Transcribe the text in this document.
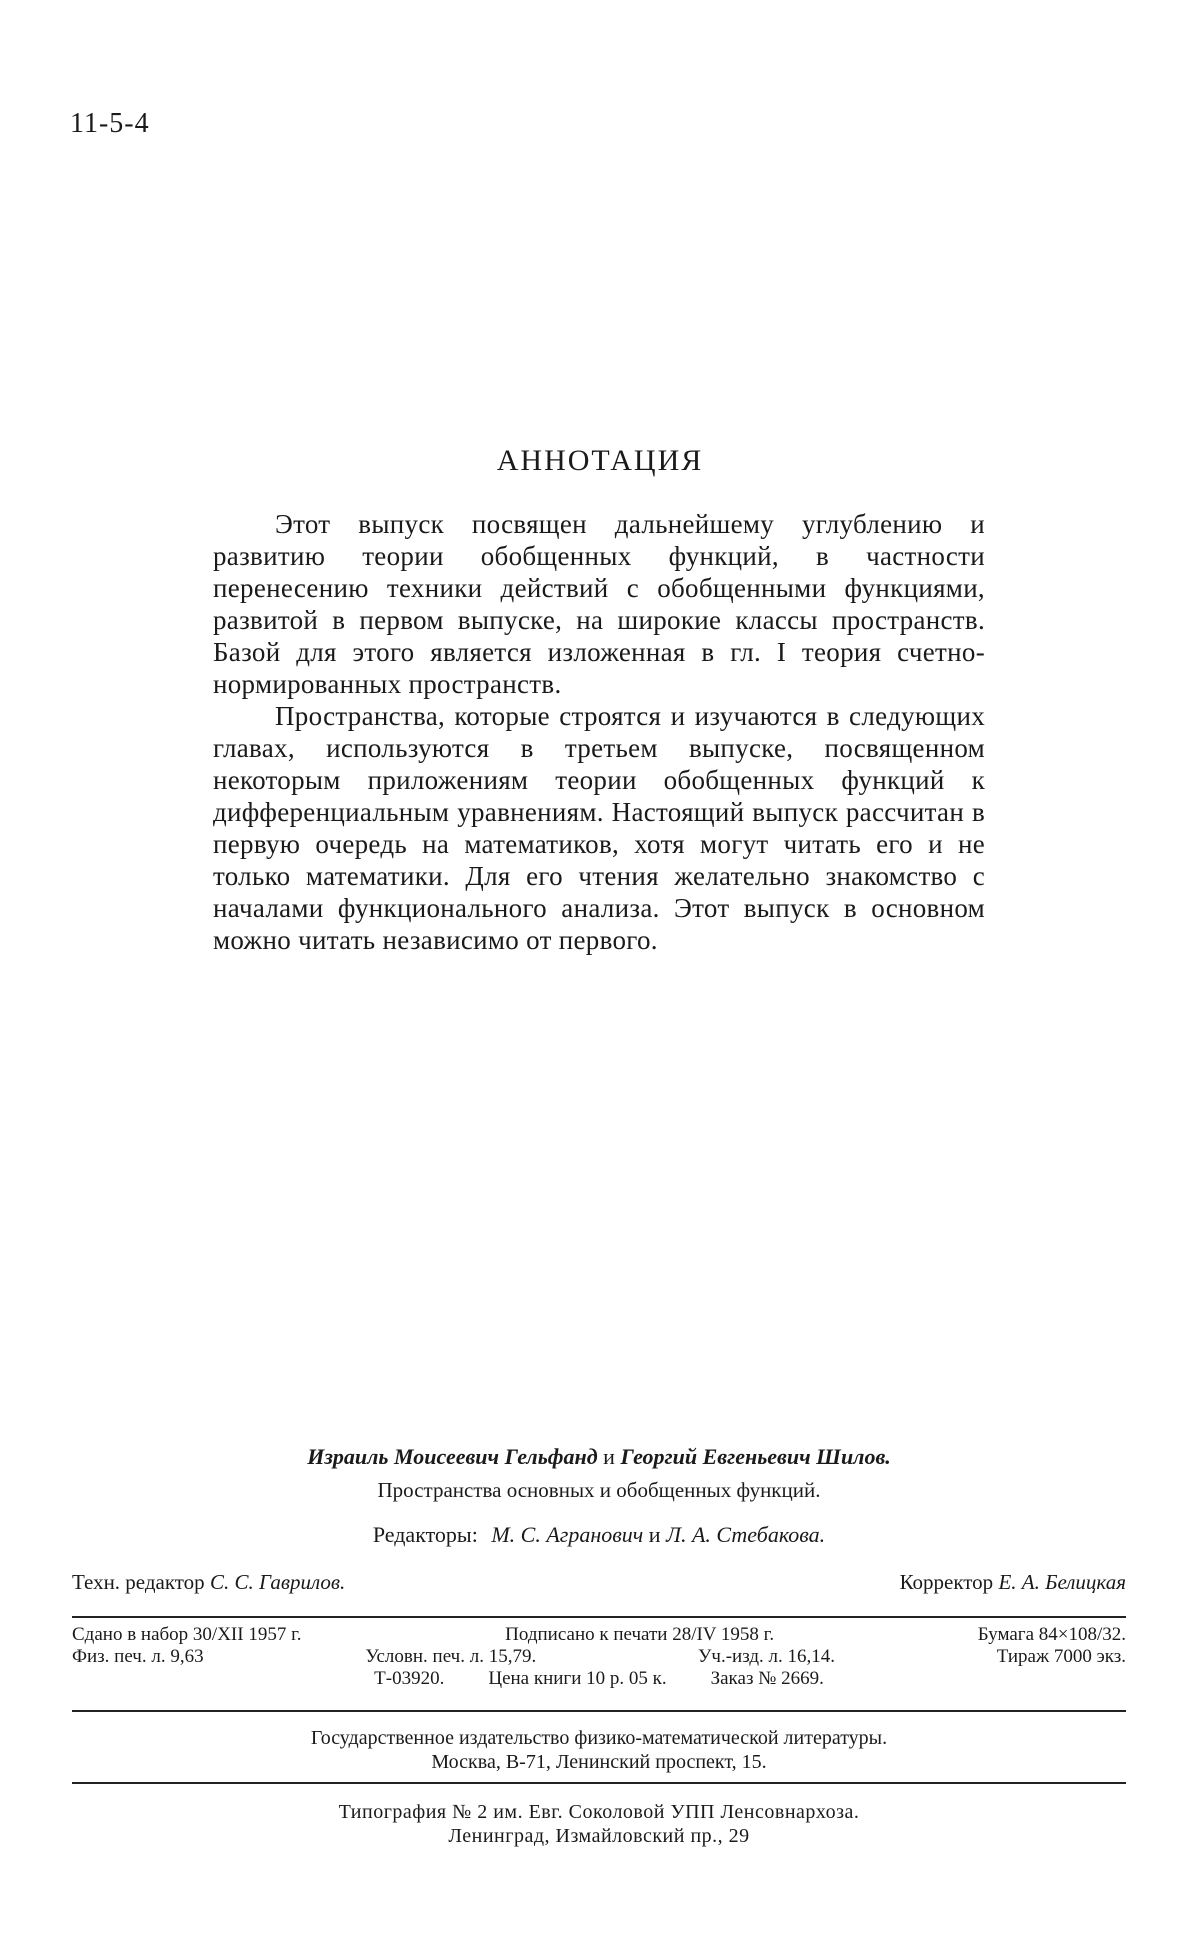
11-5-4
АННОТАЦИЯ

Этот выпуск посвящен дальнейшему углублению и развитию теории обобщенных функций, в частности перенесению техники действий с обобщенными функциями, развитой в первом выпуске, на широкие классы пространств. Базой для этого является изложенная в гл. I теория счетно-нормированных пространств.

Пространства, которые строятся и изучаются в следующих главах, используются в третьем выпуске, посвященном некоторым приложениям теории обобщенных функций к дифференциальным уравнениям. Настоящий выпуск рассчитан в первую очередь на математиков, хотя могут читать его и не только математики. Для его чтения желательно знакомство с началами функционального анализа. Этот выпуск в основном можно читать независимо от первого.

Израиль Моисеевич Гельфанд и Георгий Евгеньевич Шилов.
Пространства основных и обобщенных функций.
Редакторы: М. С. Агранович и Л. А. Стебакова.
Техн. редактор С. С. Гаврилов.	Корректор Е. А. Белицкая
Сдано в набор 30/XII 1957 г.	Подписано к печати 28/IV 1958 г.	Бумага 84×108/32.
Физ. печ. л. 9,63	Условн. печ. л. 15,79.	Уч.-изд. л. 16,14.	Тираж 7000 экз.
Т-03920. Цена книги 10 р. 05 к. Заказ № 2669.
Государственное издательство физико-математической литературы.
Москва, В-71, Ленинский проспект, 15.
Типография № 2 им. Евг. Соколовой УПП Ленсовнархоза.
Ленинград, Измайловский пр., 29
